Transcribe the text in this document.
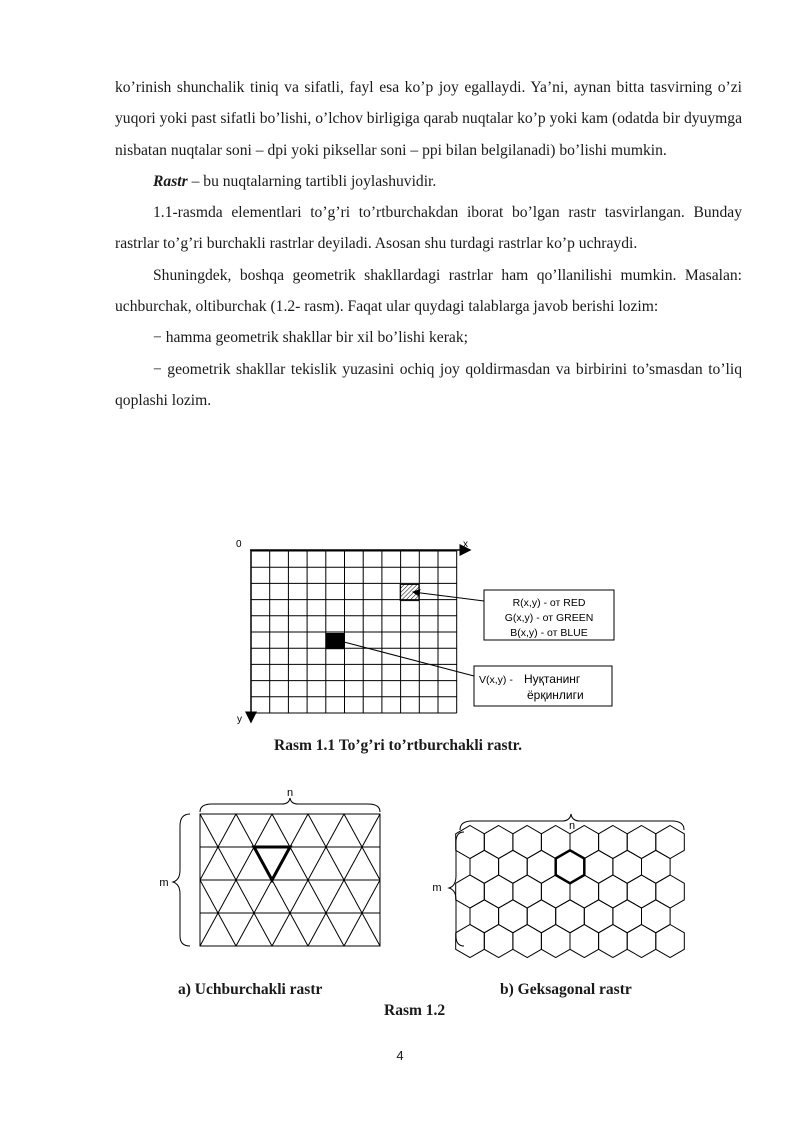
ko’rinish shunchalik tiniq va sifatli, fayl esa ko’p joy egallaydi. Ya’ni, aynan bitta tasvirning o’zi yuqori yoki past sifatli bo’lishi, o’lchov birligiga qarab nuqtalar ko’p yoki kam (odatda bir dyuymga nisbatan nuqtalar soni – dpi yoki piksellar soni – ppi bilan belgilanadi) bo’lishi mumkin.

Rastr – bu nuqtalarning tartibli joylashuvidir.

1.1-rasmda elementlari to’g’ri to’rtburchakdan iborat bo’lgan rastr tasvirlangan. Bunday rastrlar to’g’ri burchakli rastrlar deyiladi. Asosan shu turdagi rastrlar ko’p uchraydi.

Shuningdek, boshqa geometrik shakllardagi rastrlar ham qo’llanilishi mumkin. Masalan: uchburchak, oltiburchak (1.2- rasm). Faqat ular quydagi talablarga javob berishi lozim:

− hamma geometrik shakllar bir xil bo’lishi kerak;

− geometrik shakllar tekislik yuzasini ochiq joy qoldirmasdan va birbirini to’smasdan to’liq qoplashi lozim.

0	x
y
R(x,y) - от RED
G(x,y) - от GREEN
B(x,y) - от BLUE
V(x,y) - Нуқтанинг
ёрқинлиги
Rasm 1.1 To’g’ri to’rtburchakli rastr.
n
m
n
m
a) Uchburchakli rastr	b) Geksagonal rastr
Rasm 1.2
4
